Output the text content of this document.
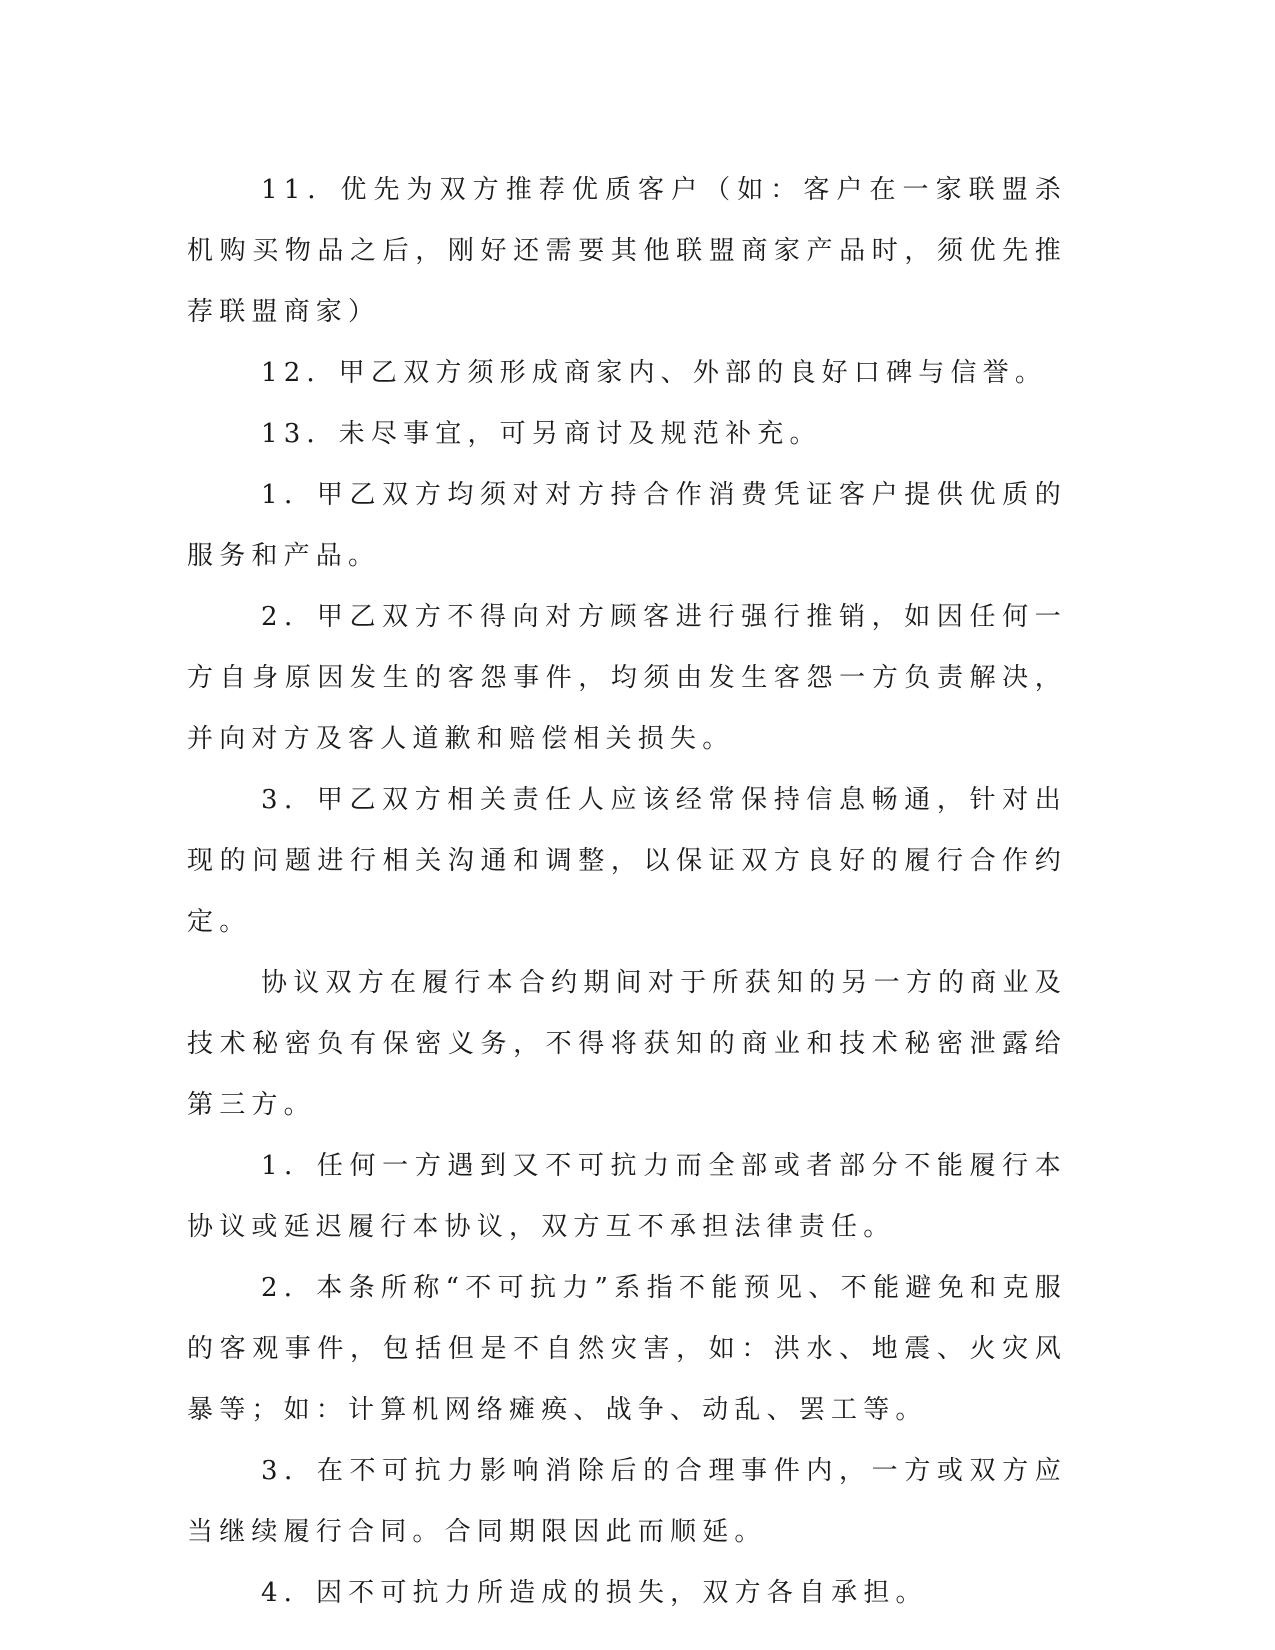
11．优先为双方推荐优质客户（如：客户在一家联盟杀机购买物品之后，刚好还需要其他联盟商家产品时，须优先推荐联盟商家）

12．甲乙双方须形成商家内、外部的良好口碑与信誉。

13．未尽事宜，可另商讨及规范补充。

1．甲乙双方均须对对方持合作消费凭证客户提供优质的服务和产品。

2．甲乙双方不得向对方顾客进行强行推销，如因任何一方自身原因发生的客怨事件，均须由发生客怨一方负责解决，并向对方及客人道歉和赔偿相关损失。

3．甲乙双方相关责任人应该经常保持信息畅通，针对出现的问题进行相关沟通和调整，以保证双方良好的履行合作约定。

协议双方在履行本合约期间对于所获知的另一方的商业及技术秘密负有保密义务，不得将获知的商业和技术秘密泄露给第三方。

1．任何一方遇到又不可抗力而全部或者部分不能履行本协议或延迟履行本协议，双方互不承担法律责任。

2．本条所称“不可抗力”系指不能预见、不能避免和克服的客观事件，包括但是不自然灾害，如：洪水、地震、火灾风暴等；如：计算机网络瘫痪、战争、动乱、罢工等。

3．在不可抗力影响消除后的合理事件内，一方或双方应当继续履行合同。合同期限因此而顺延。

4．因不可抗力所造成的损失，双方各自承担。
